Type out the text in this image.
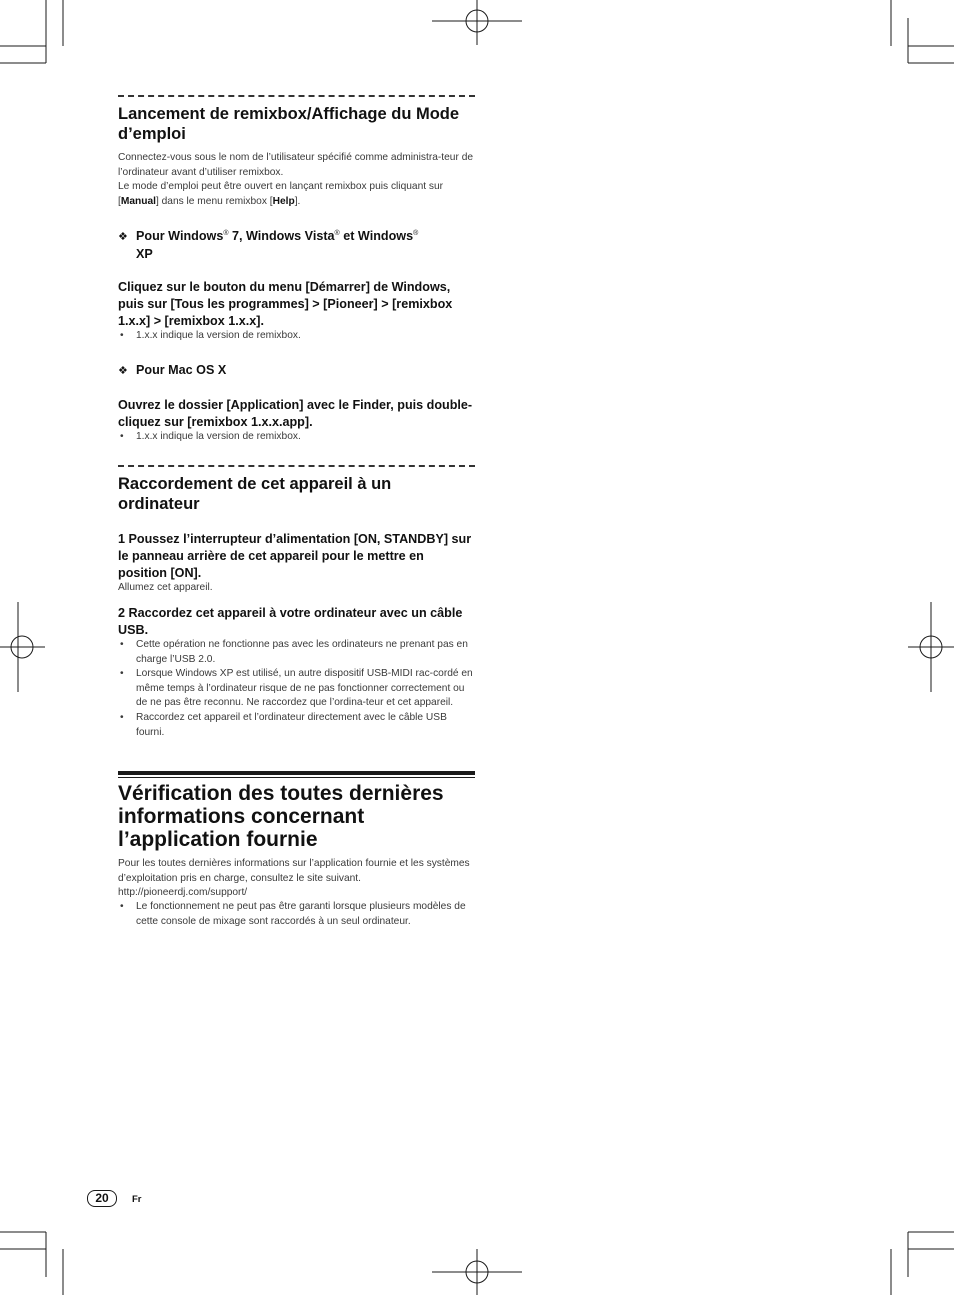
Lancement de remixbox/Affichage du Mode d’emploi

Connectez-vous sous le nom de l’utilisateur spécifié comme administra-teur de l’ordinateur avant d’utiliser remixbox.

Le mode d’emploi peut être ouvert en lançant remixbox puis cliquant sur [Manual] dans le menu remixbox [Help].

❖ Pour Windows® 7, Windows Vista® et Windows®
XP

Cliquez sur le bouton du menu [Démarrer] de Windows, puis sur [Tous les programmes] > [Pioneer] > [remixbox 1.x.x] > [remixbox 1.x.x].

• 1.x.x indique la version de remixbox.
❖ Pour Mac OS X

Ouvrez le dossier [Application] avec le Finder, puis double-cliquez sur [remixbox 1.x.x.app].

• 1.x.x indique la version de remixbox.
Raccordement de cet appareil à un ordinateur

1 Poussez l’interrupteur d’alimentation [ON, STANDBY] sur le panneau arrière de cet appareil pour le mettre en position [ON].

Allumez cet appareil.

2 Raccordez cet appareil à votre ordinateur avec un câble USB.

• Cette opération ne fonctionne pas avec les ordinateurs ne prenant pas en charge l’USB 2.0.
• Lorsque Windows XP est utilisé, un autre dispositif USB-MIDI rac-cordé en même temps à l’ordinateur risque de ne pas fonctionner correctement ou de ne pas être reconnu. Ne raccordez que l’ordina-teur et cet appareil.
• Raccordez cet appareil et l’ordinateur directement avec le câble USB fourni.
Vérification des toutes dernières informations concernant l’application fournie

Pour les toutes dernières informations sur l’application fournie et les systèmes d’exploitation pris en charge, consultez le site suivant.

http://pioneerdj.com/support/

• Le fonctionnement ne peut pas être garanti lorsque plusieurs modèles de cette console de mixage sont raccordés à un seul ordinateur.
20	Fr
